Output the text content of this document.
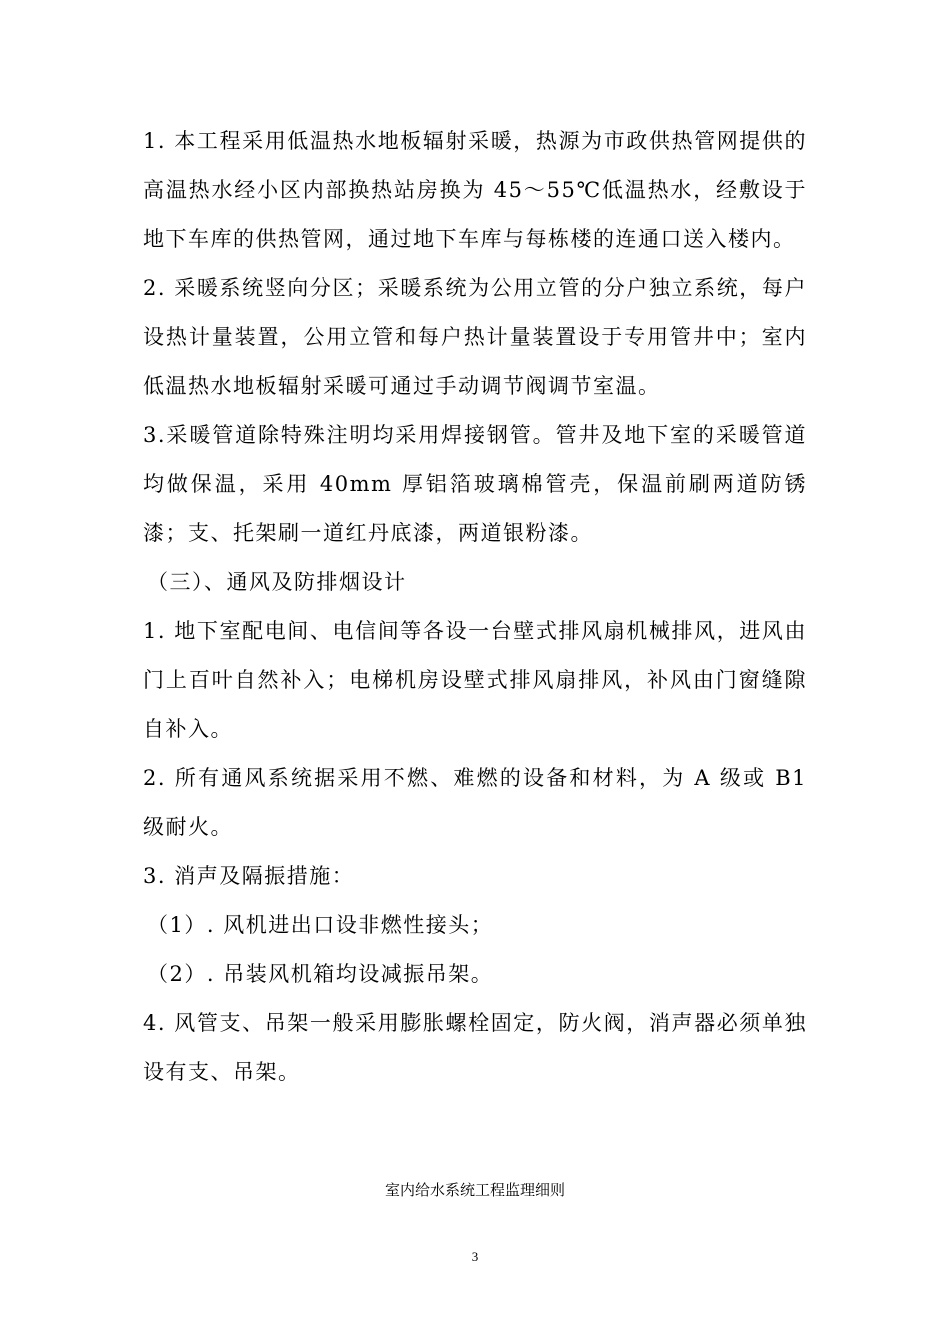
1. 本工程采用低温热水地板辐射采暖，热源为市政供热管网提供的高温热水经小区内部换热站房换为 45～55℃低温热水，经敷设于地下车库的供热管网，通过地下车库与每栋楼的连通口送入楼内。

2. 采暖系统竖向分区；采暖系统为公用立管的分户独立系统，每户设热计量装置，公用立管和每户热计量装置设于专用管井中；室内低温热水地板辐射采暖可通过手动调节阀调节室温。

3.采暖管道除特殊注明均采用焊接钢管。管井及地下室的采暖管道均做保温，采用 40mm 厚铝箔玻璃棉管壳，保温前刷两道防锈漆；支、托架刷一道红丹底漆，两道银粉漆。

（三）、通风及防排烟设计

1. 地下室配电间、电信间等各设一台壁式排风扇机械排风，进风由门上百叶自然补入；电梯机房设壁式排风扇排风，补风由门窗缝隙自补入。

2. 所有通风系统据采用不燃、难燃的设备和材料，为 A 级或 B1 级耐火。

3. 消声及隔振措施：

（1）. 风机进出口设非燃性接头；

（2）. 吊装风机箱均设减振吊架。

4. 风管支、吊架一般采用膨胀螺栓固定，防火阀，消声器必须单独设有支、吊架。

室内给水系统工程监理细则
3
